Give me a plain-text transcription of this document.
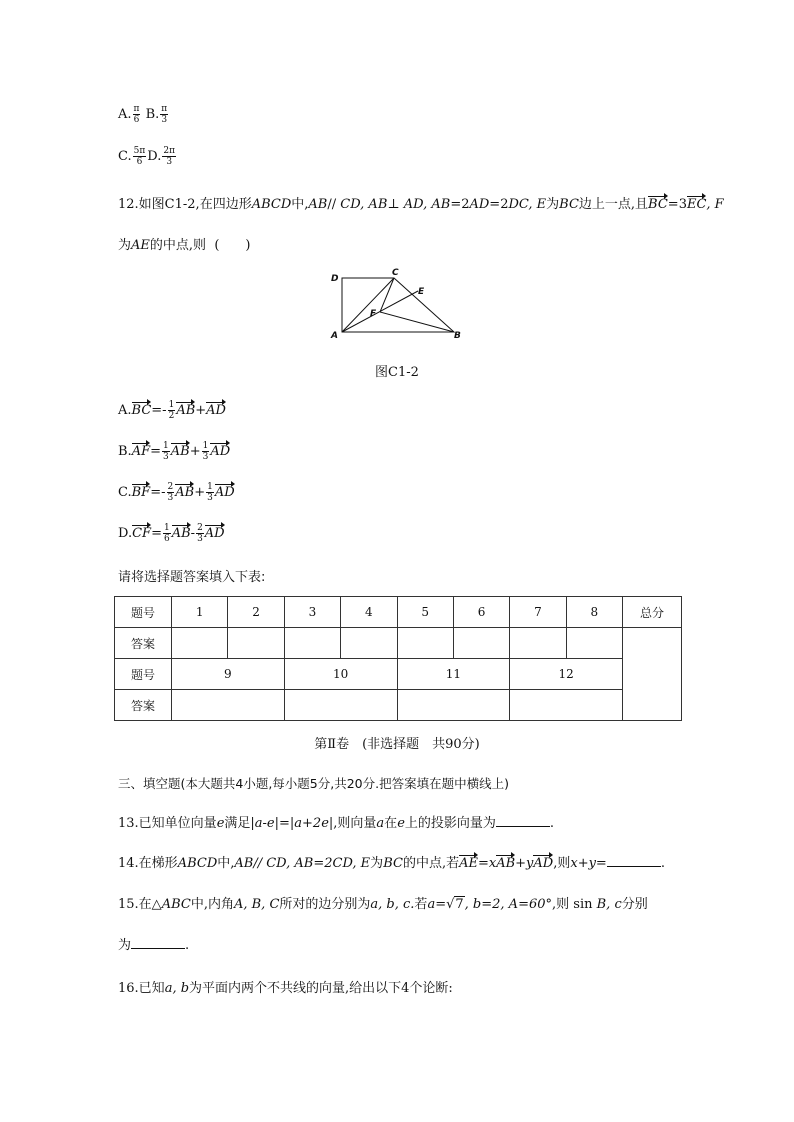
A. $\frac{\pi}{6} B$. $\frac{\pi}{3}$
C. $\frac{5\pi}{6} D$. $\frac{2\pi}{3}$
12.如图C1-2,在四边形ABCD中,AB// CD, AB⊥ AD, AB=2AD=2DC, E为BC边上一点,且BC=3EC, F
为AE的中点,则 (　　)
D
C
E
F
A	B
图C1-2
$A.BC=- \frac{1}{2} AB+AD$
$B.AF= \frac{1}{3} AB+ \frac{1}{3}$ AD
$C.BF=- \frac{2}{3} AB+ \frac{1}{3}$ AD
$D.CF= \frac{1}{6} AB- \frac{2}{3}$ AD
请将选择题答案填入下表:
题号	1	2	3	4	5	6	7	8	总分
答案									
题号	9		10		11		12		
答案									
第Ⅱ卷　(非选择题　共90分)
三、填空题(本大题共4小题,每小题5分,共20分.把答案填在题中横线上)
13.已知单位向量e满足|a-e|=|a+2e|,则向量a在e上的投影向量为	.
14.在梯形ABCD中,AB// CD, AB=2CD, E为BC的中点,若AE=xAB+yAD,则x+y=	.
15.在△ABC中,内角A, B, C所对的边分别为a, b, c.若a=√7, b=2, A=60°,则 sin B, c分别
为	.
16.已知a, b为平面内两个不共线的向量,给出以下4个论断:
